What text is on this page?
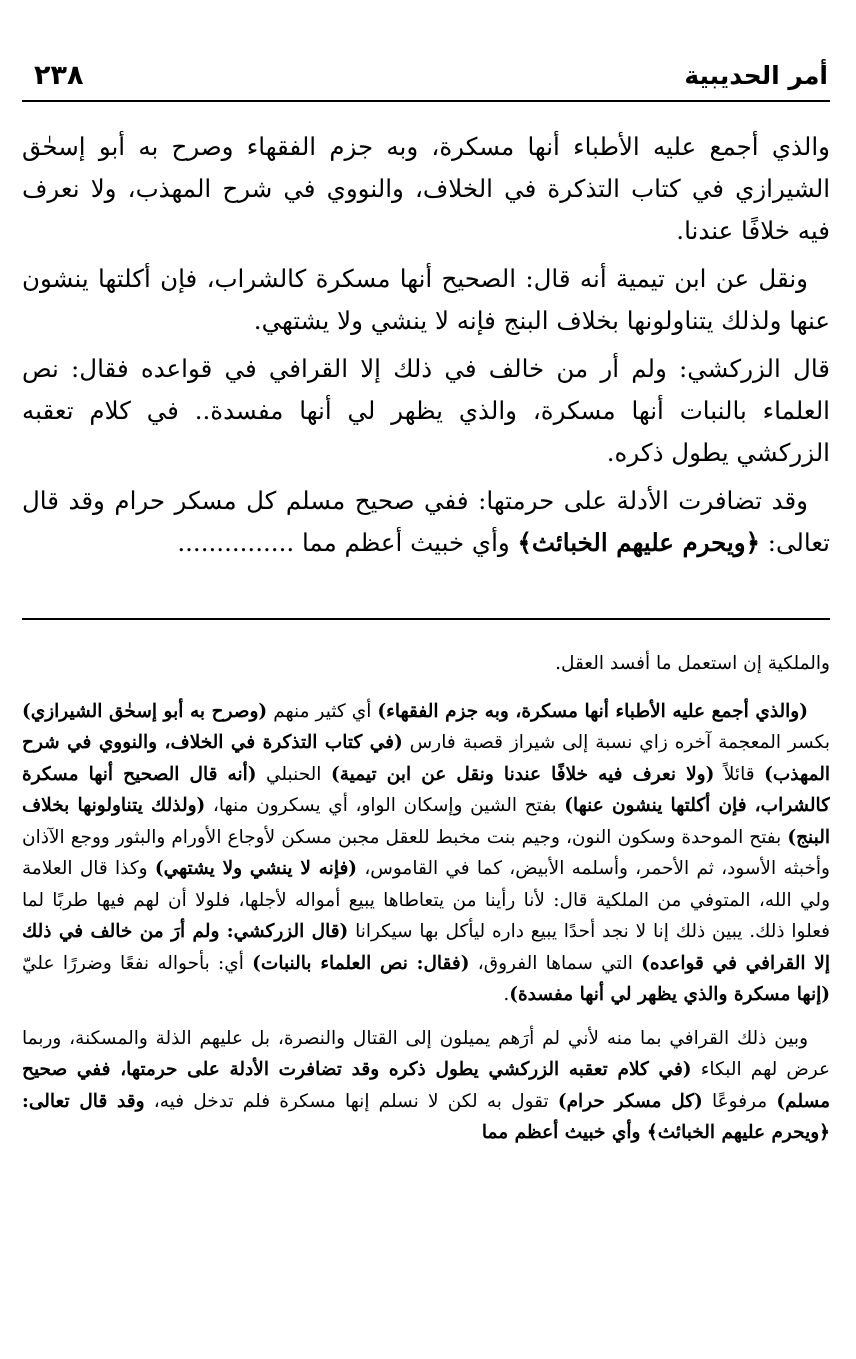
أمر الحديبية
٢٣٨

والذي أجمع عليه الأطباء أنها مسكرة، وبه جزم الفقهاء وصرح به أبو إسحٰق الشيرازي في كتاب التذكرة في الخلاف، والنووي في شرح المهذب، ولا نعرف فيه خلافًا عندنا.

ونقل عن ابن تيمية أنه قال: الصحيح أنها مسكرة كالشراب، فإن أكلتها ينشون عنها ولذلك يتناولونها بخلاف البنج فإنه لا ينشي ولا يشتهي.

قال الزركشي: ولم أر من خالف في ذلك إلا القرافي في قواعده فقال: نص العلماء بالنبات أنها مسكرة، والذي يظهر لي أنها مفسدة.. في كلام تعقبه الزركشي يطول ذكره.

وقد تضافرت الأدلة على حرمتها: ففي صحيح مسلم كل مسكر حرام وقد قال تعالى: ﴿ويحرم عليهم الخبائث﴾ وأي خبيث أعظم مما ...............

والملكية إن استعمل ما أفسد العقل.

(والذي أجمع عليه الأطباء أنها مسكرة، وبه جزم الفقهاء) أي كثير منهم (وصرح به أبو إسحٰق الشيرازي) بكسر المعجمة آخره زاي نسبة إلى شيراز قصبة فارس (في كتاب التذكرة في الخلاف، والنووي في شرح المهذب) قائلاً (ولا نعرف فيه خلافًا عندنا ونقل عن ابن تيمية) الحنبلي (أنه قال الصحيح أنها مسكرة كالشراب، فإن أكلتها ينشون عنها) بفتح الشين وإسكان الواو، أي يسكرون منها، (ولذلك يتناولونها بخلاف البنج) بفتح الموحدة وسكون النون، وجيم بنت مخبط للعقل مجبن مسكن لأوجاع الأورام والبثور ووجع الآذان وأخبثه الأسود، ثم الأحمر، وأسلمه الأبيض، كما في القاموس، (فإنه لا ينشي ولا يشتهي) وكذا قال العلامة ولي الله، المتوفي من الملكية قال: لأنا رأينا من يتعاطاها يبيع أمواله لأجلها، فلولا أن لهم فيها طربًا لما فعلوا ذلك. يبين ذلك إنا لا نجد أحدًا يبيع داره ليأكل بها سيكرانا (قال الزركشي: ولم أرَ من خالف في ذلك إلا القرافي في قواعده) التي سماها الفروق، (فقال: نص العلماء بالنبات) أي: بأحواله نفعًا وضررًا عليّ (إنها مسكرة والذي يظهر لي أنها مفسدة).

وبين ذلك القرافي بما منه لأني لم أرَهم يميلون إلى القتال والنصرة، بل عليهم الذلة والمسكنة، وربما عرض لهم البكاء (في كلام تعقبه الزركشي يطول ذكره وقد تضافرت الأدلة على حرمتها، ففي صحيح مسلم) مرفوعًا (كل مسكر حرام) تقول به لكن لا نسلم إنها مسكرة فلم تدخل فيه، وقد قال تعالى: ﴿ويحرم عليهم الخبائث﴾ وأي خبيث أعظم مما
